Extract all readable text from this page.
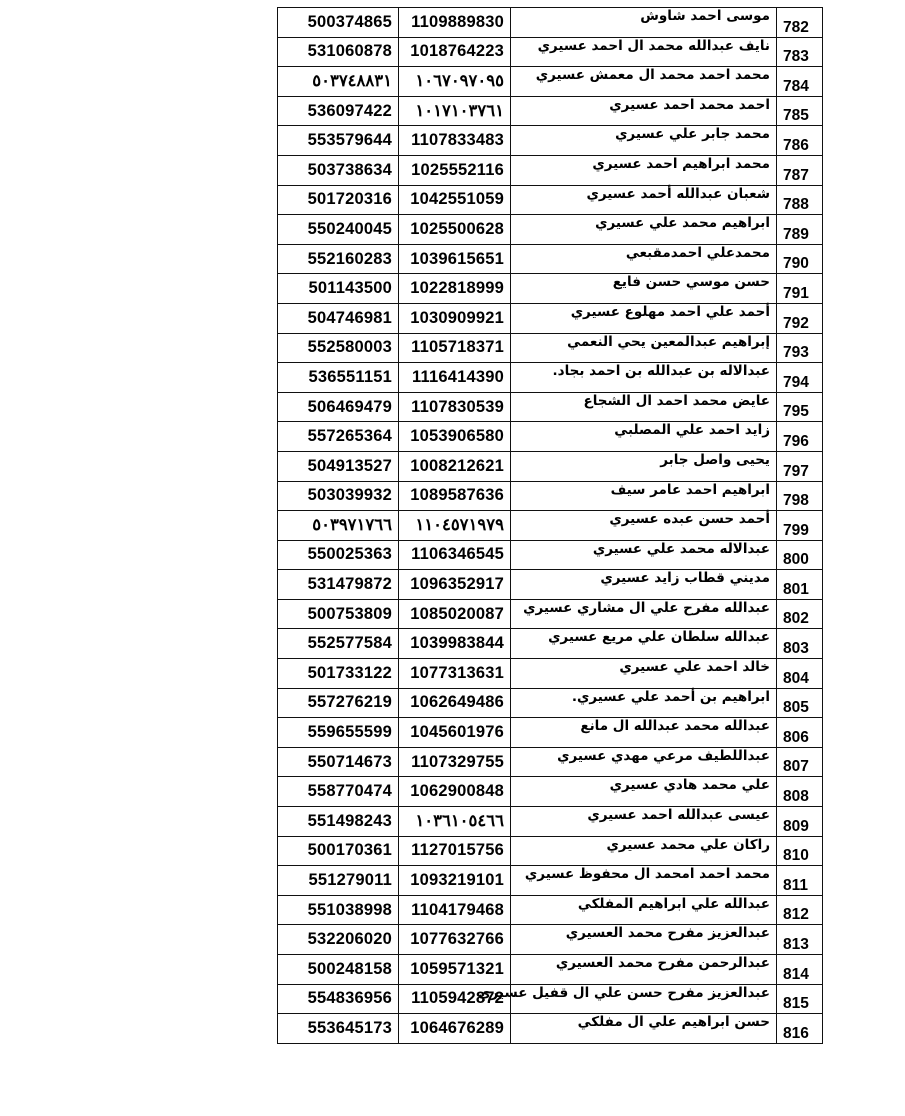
500374865	1109889830	موسى احمد شاوش	782
531060878	1018764223	نايف عبدالله محمد ال احمد عسيري	783
٥٠٣٧٤٨٨٣١	١٠٦٧٠٩٧٠٩٥	محمد احمد محمد ال معمش عسيري	784
536097422	١٠١٧١٠٣٧٦١	احمد محمد احمد عسيري	785
553579644	1107833483	محمد جابر علي عسيري	786
503738634	1025552116	محمد ابراهيم احمد عسيري	787
501720316	1042551059	شعبان عبدالله أحمد عسيري	788
550240045	1025500628	ابراهيم محمد علي عسيري	789
552160283	1039615651	محمدعلي احمدمقبعي	790
501143500	1022818999	حسن موسي حسن فايع	791
504746981	1030909921	أحمد علي احمد مهلوع عسيري	792
552580003	1105718371	إبراهيم عبدالمعين يحي النعمي	793
536551151	1116414390	عبدالاله بن عبدالله بن احمد بجاد.	794
506469479	1107830539	عايض محمد احمد ال الشجاع	795
557265364	1053906580	زايد احمد علي المصلبي	796
504913527	1008212621	يحيى واصل جابر	797
503039932	1089587636	ابراهيم احمد عامر سيف	798
٥٠٣٩٧١٧٦٦	١١٠٤٥٧١٩٧٩	أحمد حسن عبده عسيري	799
550025363	1106346545	عبدالاله محمد علي عسيري	800
531479872	1096352917	مديني قطاب زايد عسيري	801
500753809	1085020087	عبدالله مفرح علي ال مشاري عسيري	802
552577584	1039983844	عبدالله سلطان علي مريع عسيري	803
501733122	1077313631	خالد احمد علي عسيري	804
557276219	1062649486	ابراهيم بن أحمد علي عسيري.	805
559655599	1045601976	عبدالله محمد عبدالله ال مانع	806
550714673	1107329755	عبداللطيف مرعي مهدي عسيري	807
558770474	1062900848	علي محمد هادي عسيري	808
551498243	١٠٣٦١٠٥٤٦٦	عيسى عبدالله احمد عسيري	809
500170361	1127015756	راكان علي محمد عسيري	810
551279011	1093219101	محمد احمد امحمد ال محفوظ عسيري	811
551038998	1104179468	عبدالله علي ابراهيم المفلكي	812
532206020	1077632766	عبدالعزيز مفرح محمد العسيري	813
500248158	1059571321	عبدالرحمن مفرح محمد العسيري	814
554836956	1105942872	عبدالعزيز مفرح حسن علي ال قفيل عسيري	815
553645173	1064676289	حسن ابراهيم علي ال مفلكي	816
